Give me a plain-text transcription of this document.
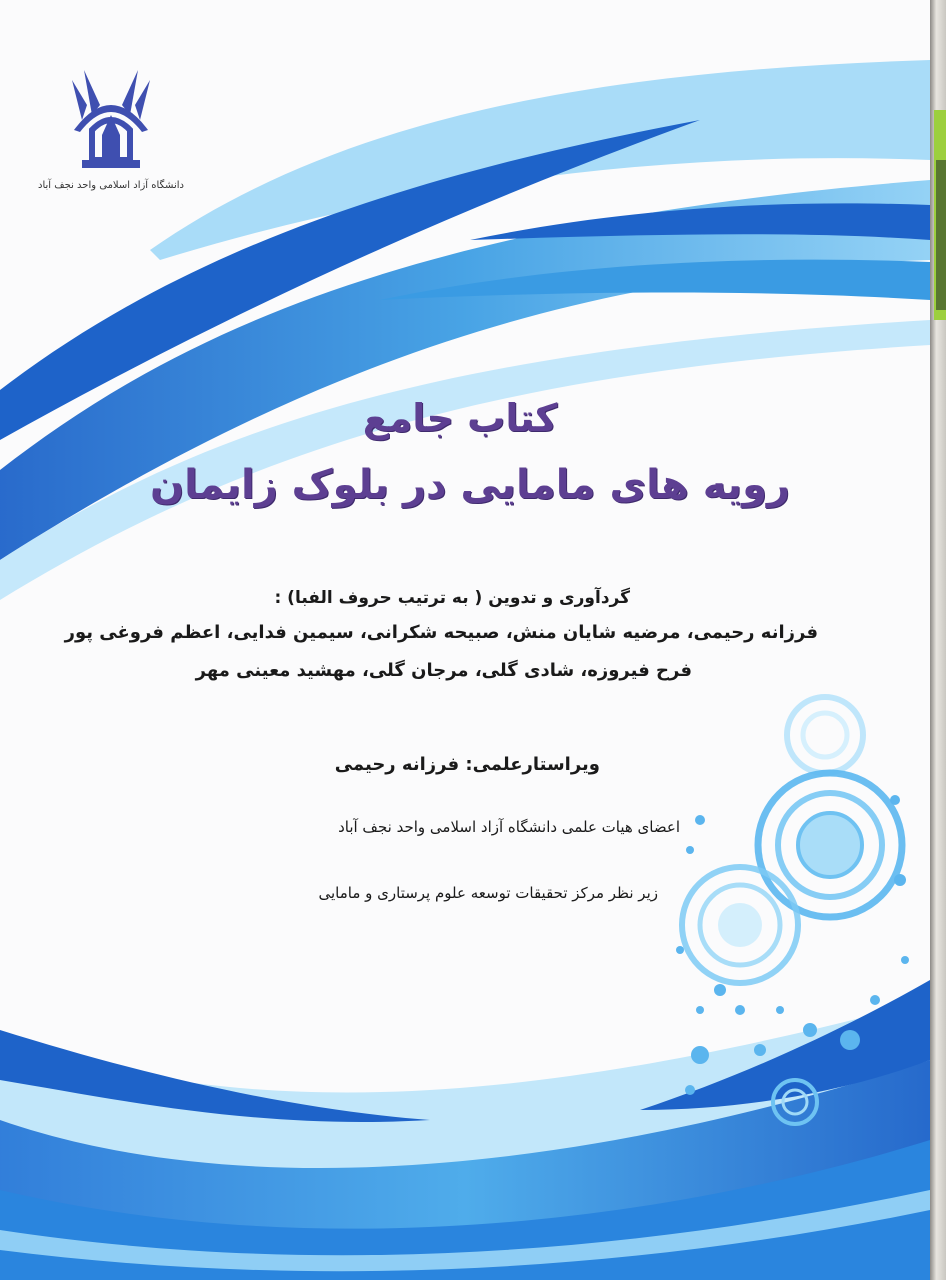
دانشگاه آزاد اسلامی واحد نجف آباد
کتاب جامع
رویه های مامایی در بلوک زایمان
گردآوری و تدوین ( به ترتیب حروف الفبا) :
فرزانه رحیمی، مرضیه شایان منش، صبیحه شکرانی، سیمین فدایی، اعظم فروغی پور
فرح فیروزه، شادی گلی، مرجان گلی، مهشید معینی مهر
ویراستارعلمی: فرزانه رحیمی
اعضای هیات علمی دانشگاه آزاد اسلامی واحد نجف آباد
زیر نظر مرکز تحقیقات توسعه علوم پرستاری و مامایی
